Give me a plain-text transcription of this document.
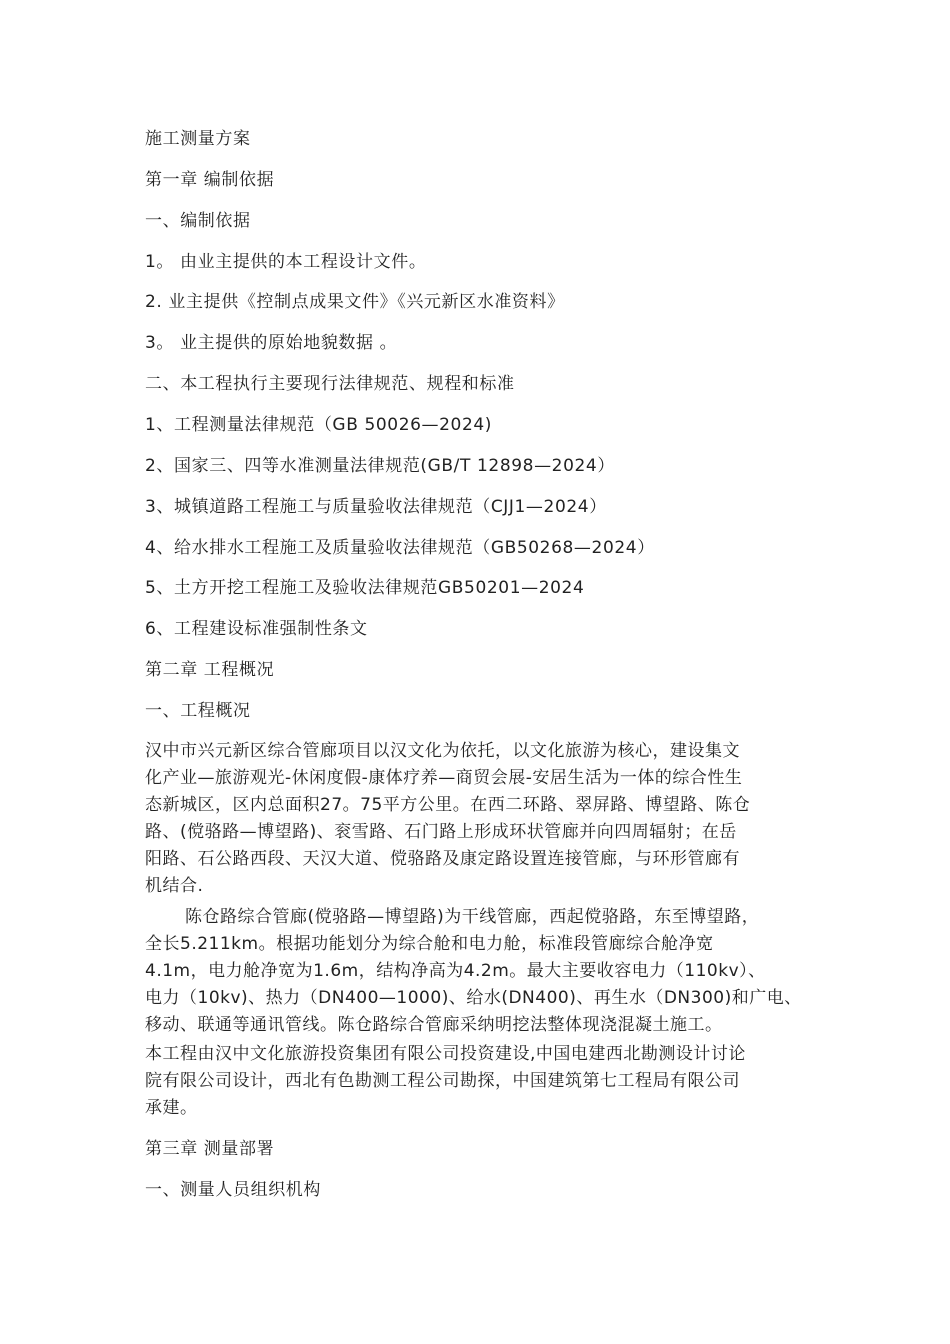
施工测量方案
第一章 编制依据
一、编制依据
1。 由业主提供的本工程设计文件。
2. 业主提供《控制点成果文件》《兴元新区水准资料》
3。 业主提供的原始地貌数据 。
二、本工程执行主要现行法律规范、规程和标准
1、工程测量法律规范（GB 50026—2024)
2、国家三、四等水准测量法律规范(GB/T 12898—2024）
3、城镇道路工程施工与质量验收法律规范（CJJ1—2024）
4、给水排水工程施工及质量验收法律规范（GB50268—2024）
5、土方开挖工程施工及验收法律规范GB50201—2024
6、工程建设标准强制性条文
第二章 工程概况
一、工程概况
汉中市兴元新区综合管廊项目以汉文化为依托，以文化旅游为核心，建设集文
化产业—旅游观光-休闲度假-康体疗养—商贸会展-安居生活为一体的综合性生
态新城区，区内总面积27。75平方公里。在西二环路、翠屏路、博望路、陈仓
路、(傥骆路—博望路)、衮雪路、石门路上形成环状管廊并向四周辐射；在岳
阳路、石公路西段、天汉大道、傥骆路及康定路设置连接管廊，与环形管廊有
机结合.
陈仓路综合管廊(傥骆路—博望路)为干线管廊，西起傥骆路，东至博望路，
全长5.211km。根据功能划分为综合舱和电力舱，标准段管廊综合舱净宽
4.1m，电力舱净宽为1.6m，结构净高为4.2m。最大主要收容电力（110kv）、
电力（10kv)、热力（DN400—1000)、给水(DN400)、再生水（DN300)和广电、
移动、联通等通讯管线。陈仓路综合管廊采纳明挖法整体现浇混凝土施工。
本工程由汉中文化旅游投资集团有限公司投资建设,中国电建西北勘测设计讨论
院有限公司设计，西北有色勘测工程公司勘探，中国建筑第七工程局有限公司
承建。
第三章 测量部署
一、测量人员组织机构
